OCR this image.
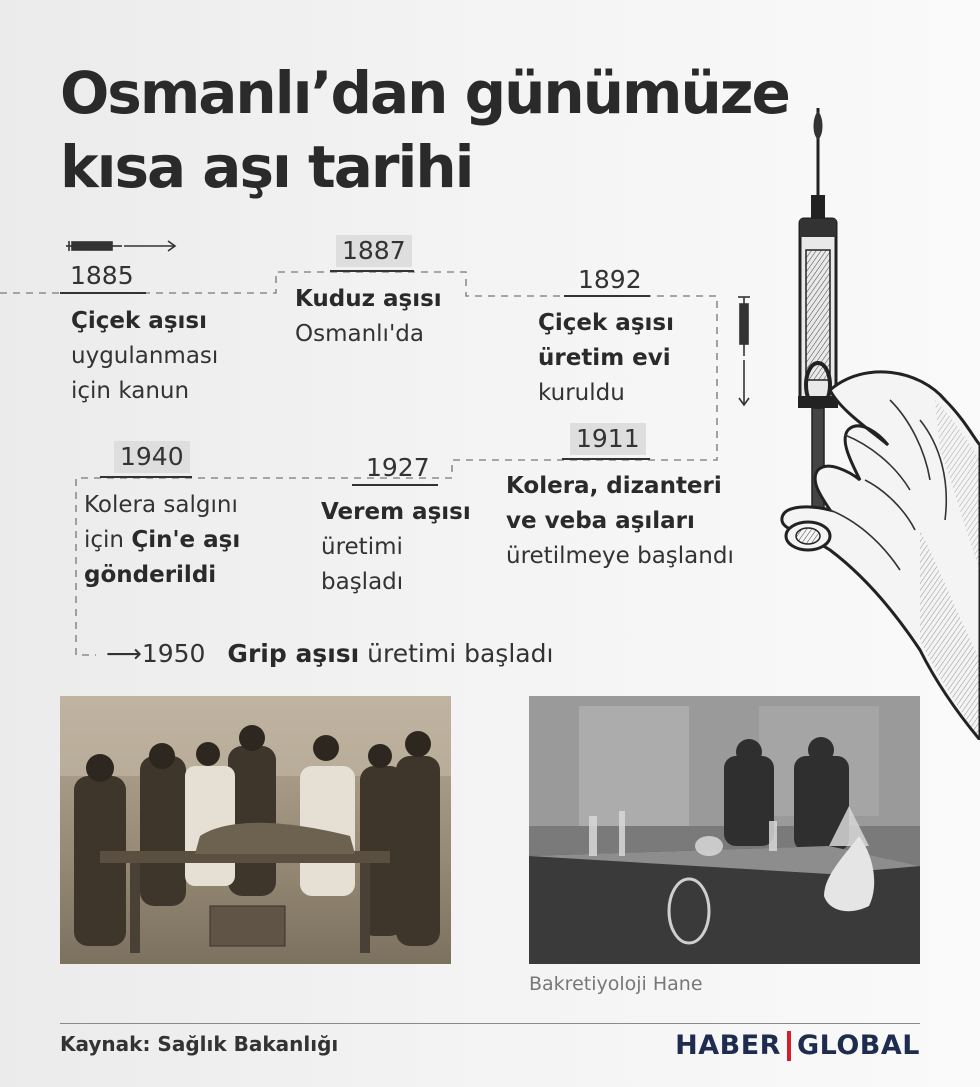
Osmanlı’dan günümüze
kısa aşı tarihi
1885
Çiçek aşısı
uygulanması
için kanun
1887
Kuduz aşısı
Osmanlı'da
1892
Çiçek aşısı
üretim evi
kuruldu
1911
Kolera, dizanteri
ve veba aşıları
üretilmeye başlandı
1927
Verem aşısı
üretimi
başladı
1940
Kolera salgını
için Çin'e aşı
gönderildi
⟶1950 Grip aşısı üretimi başladı
Bakretiyoloji Hane
Kaynak: Sağlık Bakanlığı	HABER GLOBAL
